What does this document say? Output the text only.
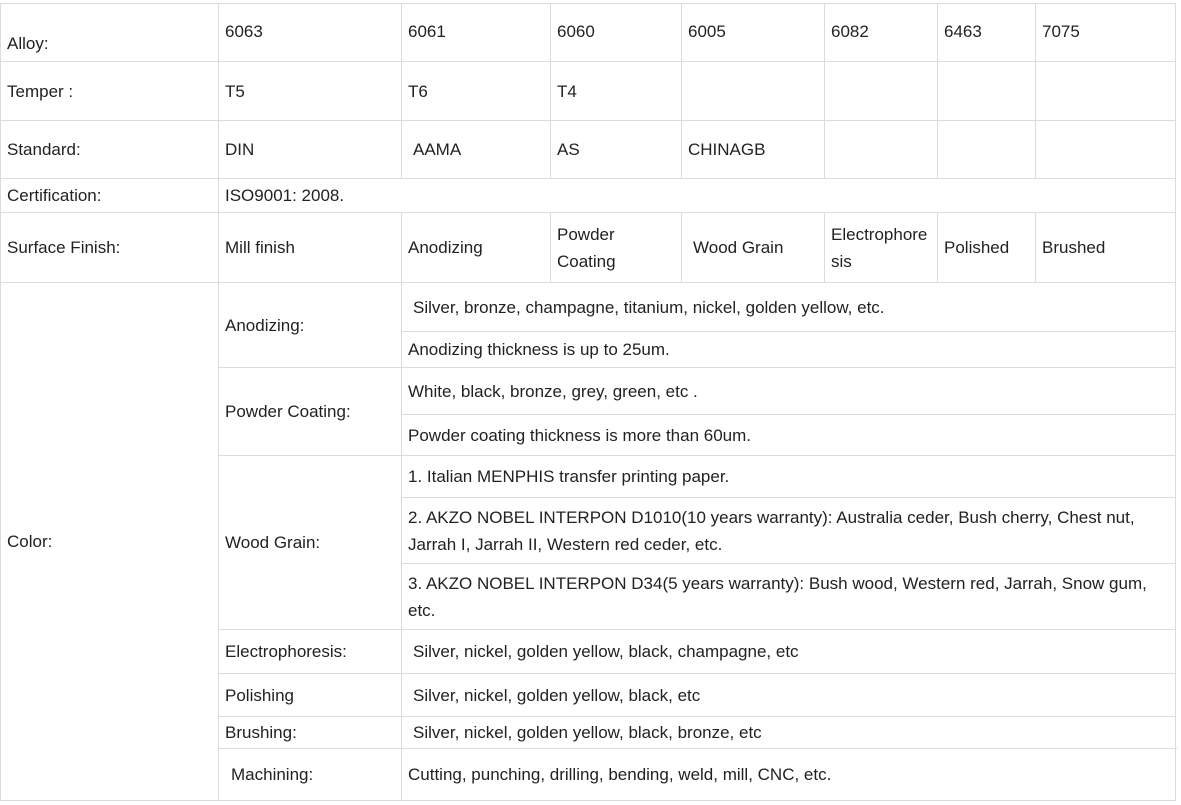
Alloy:	6063	6061	6060	6005	6082	6463	7075
Temper :	T5	T6	T4				
Standard:	DIN	AAMA	AS	CHINAGB			
Certification:	ISO9001: 2008.						
Surface Finish:	Mill finish	Anodizing	Powder Coating	Wood Grain	Electrophoresis	Polished	Brushed
Color:	Anodizing:	Silver, bronze, champagne, titanium, nickel, golden yellow, etc.					
		Anodizing thickness is up to 25um.					
	Powder Coating:	White, black, bronze, grey, green, etc .					
		Powder coating thickness is more than 60um.					
	Wood Grain:	1. Italian MENPHIS transfer printing paper.					
		2. AKZO NOBEL INTERPON D1010(10 years warranty): Australia ceder, Bush cherry, Chest nut, Jarrah I, Jarrah II, Western red ceder, etc.					
		3. AKZO NOBEL INTERPON D34(5 years warranty): Bush wood, Western red, Jarrah, Snow gum, etc.					
	Electrophoresis:	Silver, nickel, golden yellow, black, champagne, etc					
	Polishing	Silver, nickel, golden yellow, black, etc					
	Brushing:	Silver, nickel, golden yellow, black, bronze, etc					
	Machining:	Cutting, punching, drilling, bending, weld, mill, CNC, etc.					
